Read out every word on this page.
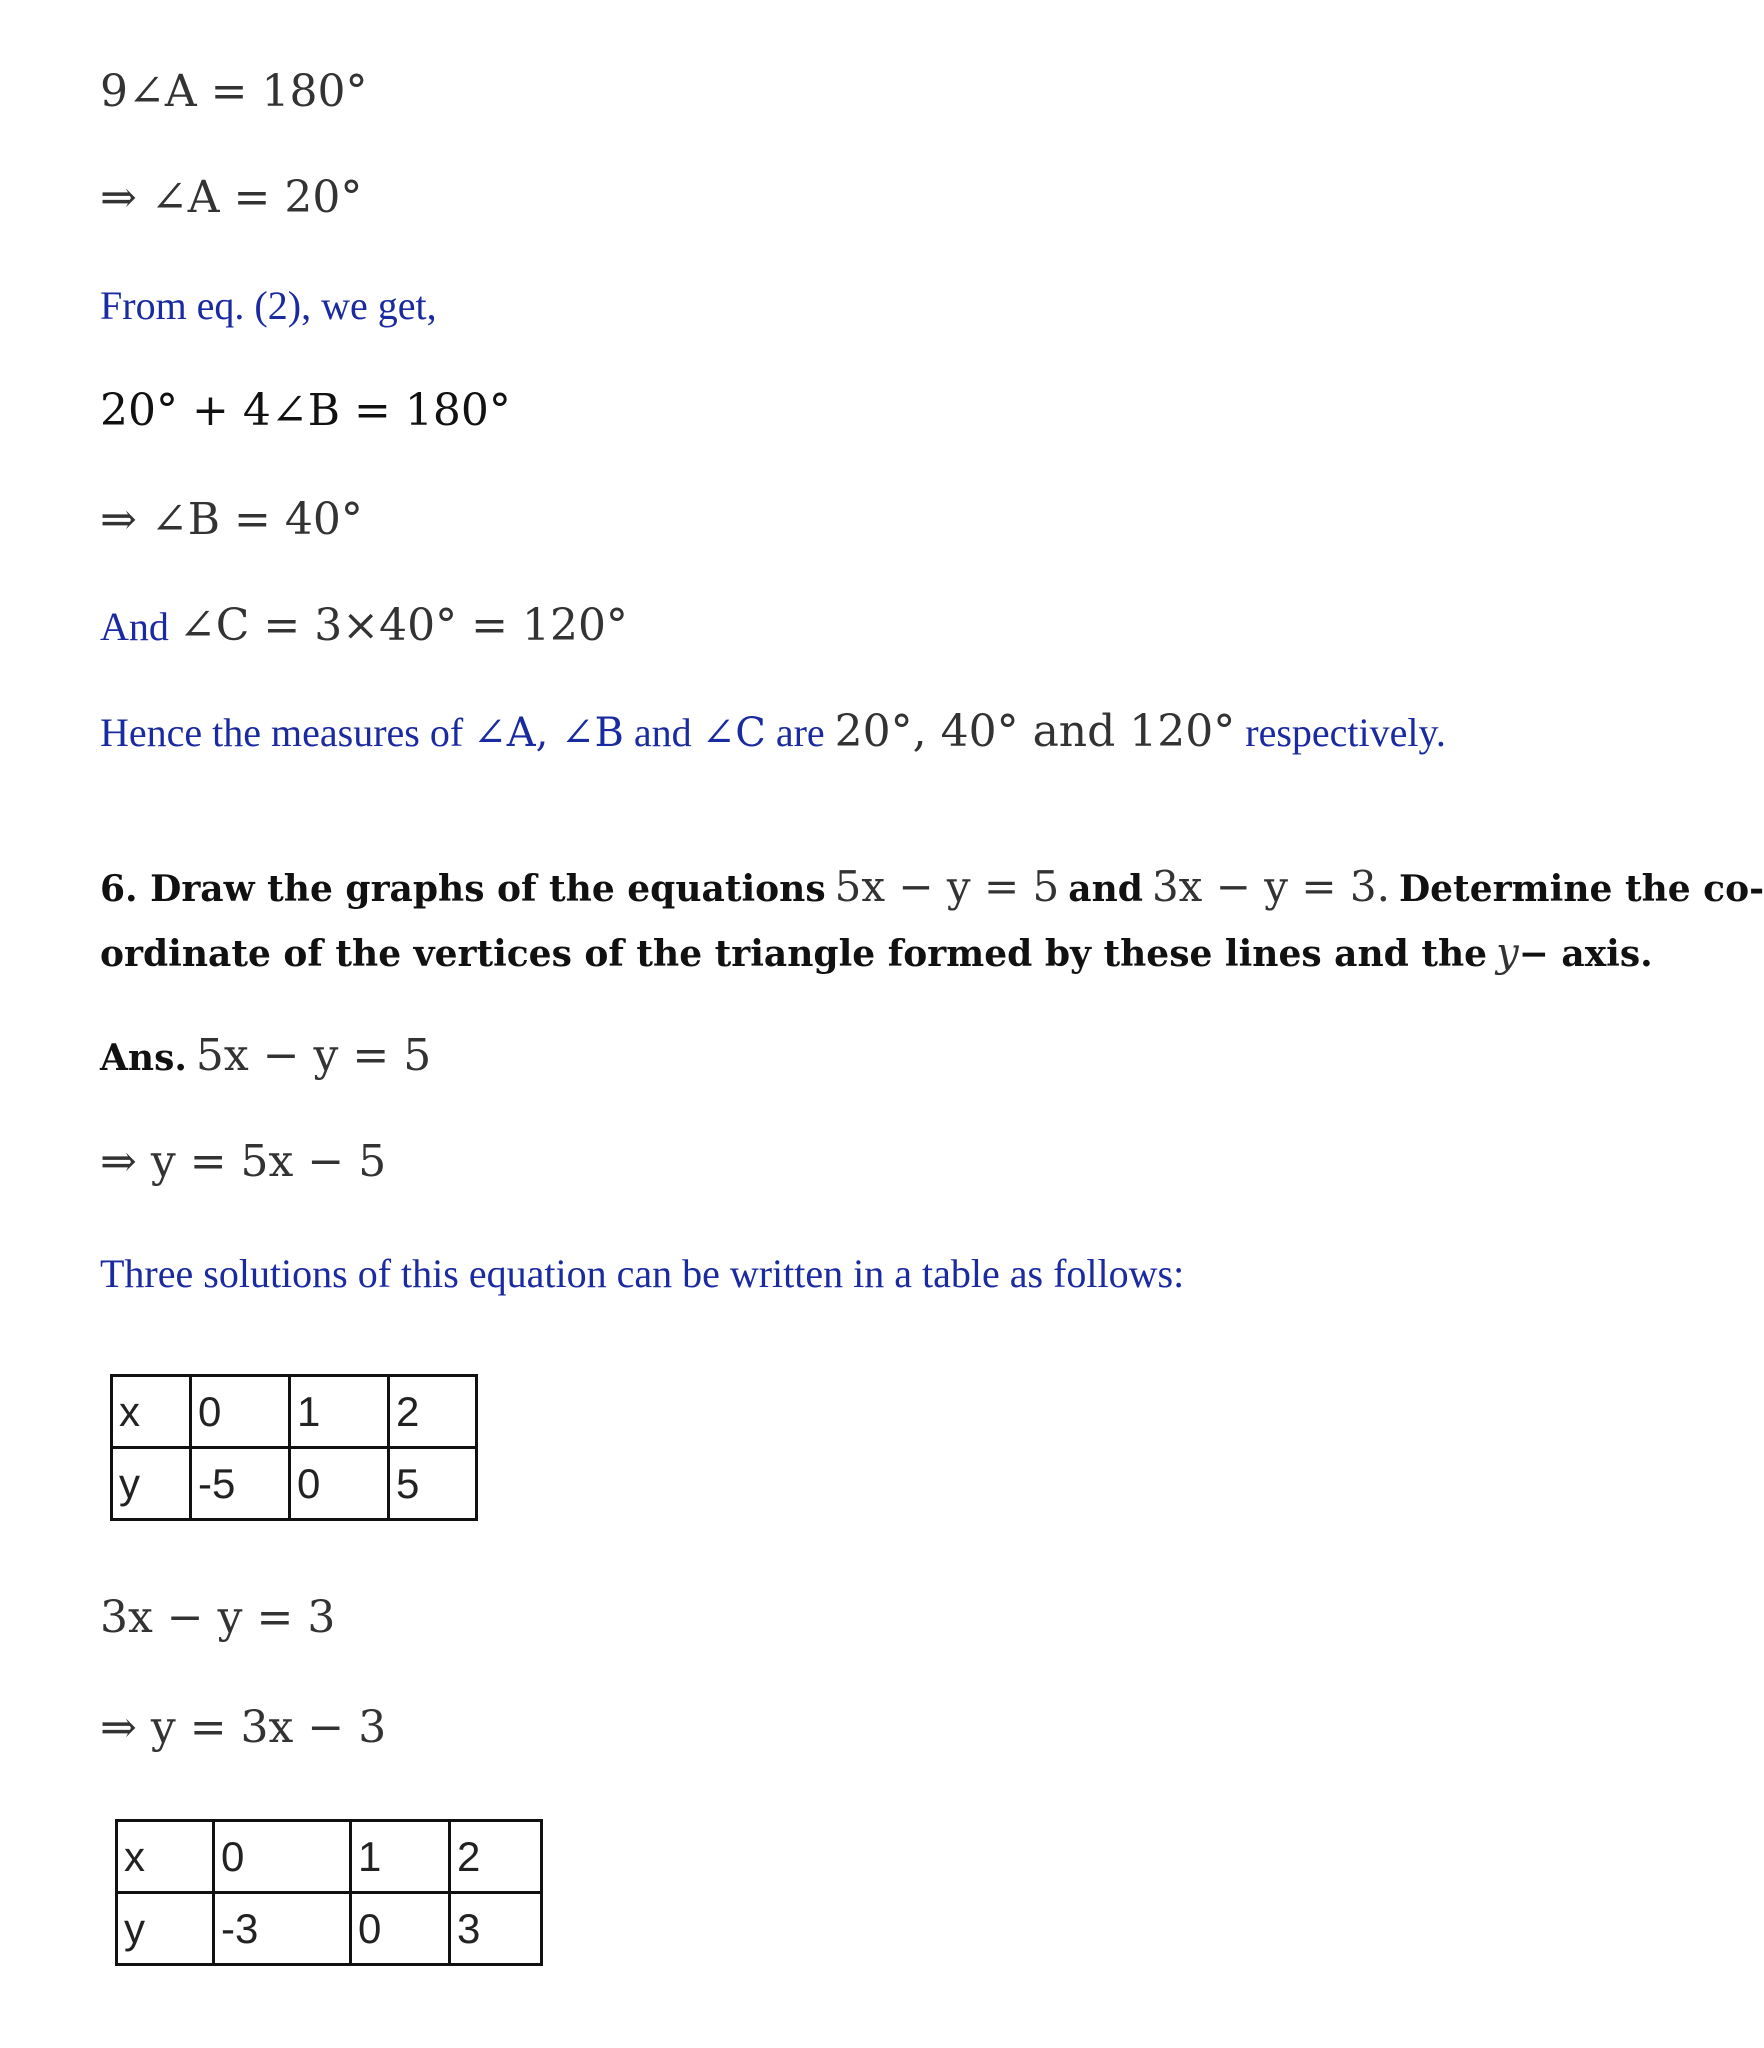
9∠A = 180°
⇒ ∠A = 20°
From eq. (2), we get,
20° + 4∠B = 180°
⇒ ∠B = 40°
And ∠C = 3×40° = 120°
Hence the measures of ∠A, ∠B and ∠C are 20°, 40° and 120° respectively.
6. Draw the graphs of the equations 5x − y = 5 and 3x − y = 3. Determine the co-
ordinate of the vertices of the triangle formed by these lines and the y− axis.
Ans. 5x − y = 5
⇒ y = 5x − 5
Three solutions of this equation can be written in a table as follows:
x	0	1	2
y	-5	0	5
3x − y = 3
⇒ y = 3x − 3
x	0	1	2
y	-3	0	3
